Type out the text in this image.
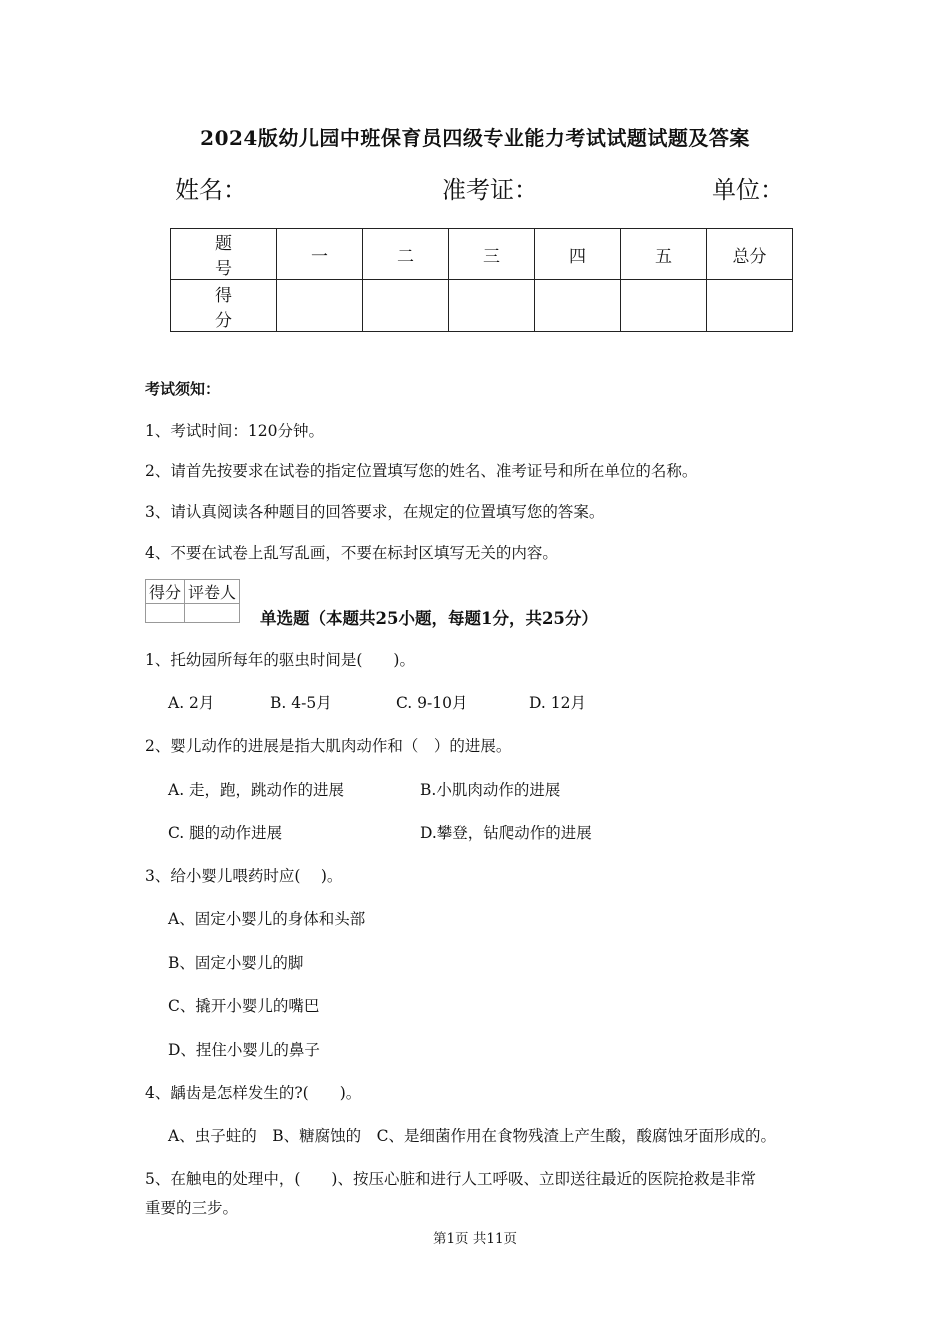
2024版幼儿园中班保育员四级专业能力考试试题试题及答案
姓名：	准考证：	单位：
题 号	一	二	三	四	五	总分
得 分						
考试须知：
1、考试时间：120分钟。
2、请首先按要求在试卷的指定位置填写您的姓名、准考证号和所在单位的名称。
3、请认真阅读各种题目的回答要求，在规定的位置填写您的答案。
4、不要在试卷上乱写乱画，不要在标封区填写无关的内容。
得分	评卷人

单选题（本题共25小题，每题1分，共25分）
1、托幼园所每年的驱虫时间是(　　)。
A. 2月	B. 4-5月	C. 9-10月	D. 12月
2、婴儿动作的进展是指大肌肉动作和（　）的进展。
A. 走，跑，跳动作的进展	B.小肌肉动作的进展
C. 腿的动作进展	D.攀登，钻爬动作的进展
3、给小婴儿喂药时应(　 )。
A、固定小婴儿的身体和头部
B、固定小婴儿的脚
C、撬开小婴儿的嘴巴
D、捏住小婴儿的鼻子
4、龋齿是怎样发生的?(　　)。
A、虫子蛀的　B、糖腐蚀的　C、是细菌作用在食物残渣上产生酸，酸腐蚀牙面形成的。
5、在触电的处理中，(　　)、按压心脏和进行人工呼吸、立即送往最近的医院抢救是非常
重要的三步。
第1页 共11页
